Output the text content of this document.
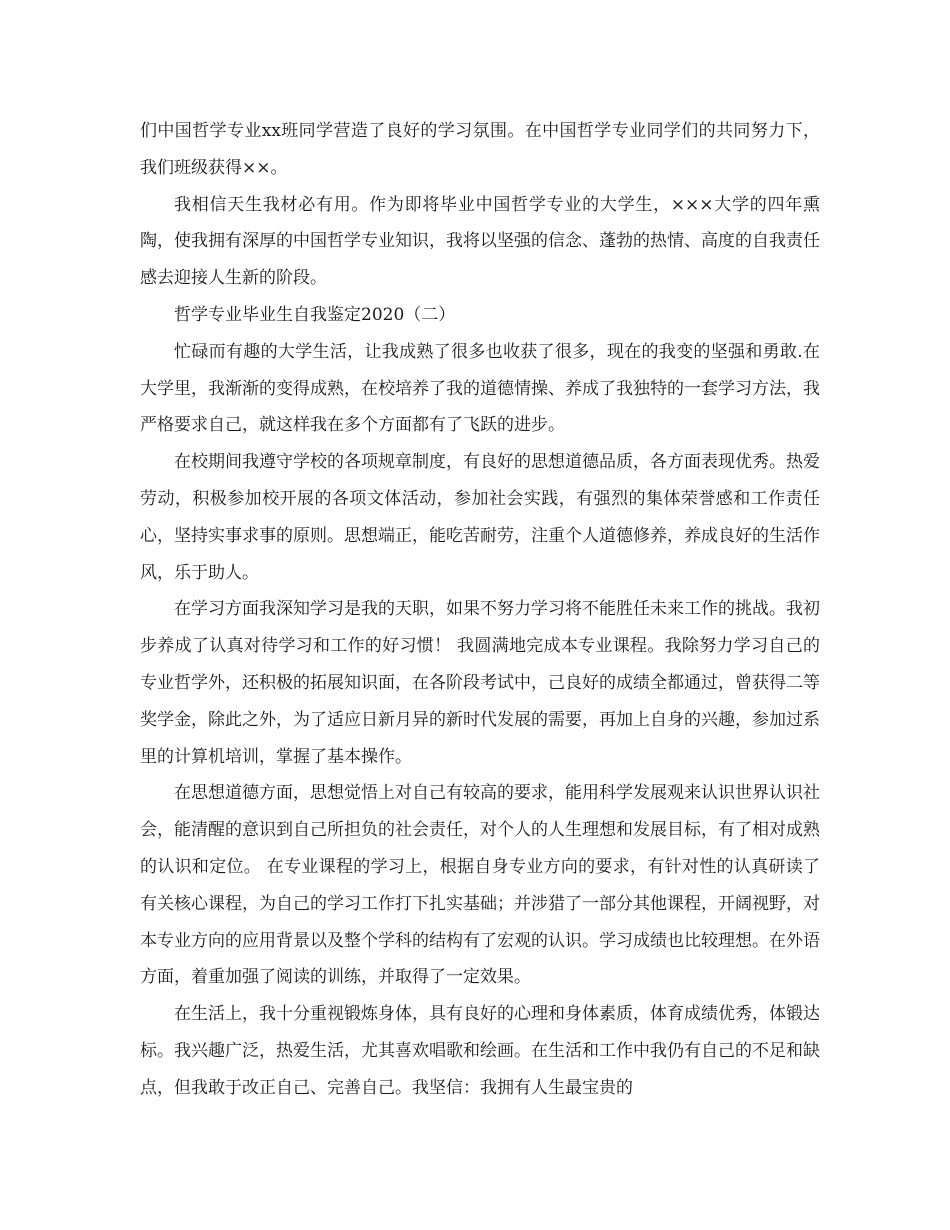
们中国哲学专业xx班同学营造了良好的学习氛围。在中国哲学专业同学们的共同努力下，我们班级获得××。

我相信天生我材必有用。作为即将毕业中国哲学专业的大学生，×××大学的四年熏陶，使我拥有深厚的中国哲学专业知识，我将以坚强的信念、蓬勃的热情、高度的自我责任感去迎接人生新的阶段。

哲学专业毕业生自我鉴定2020（二）

忙碌而有趣的大学生活，让我成熟了很多也收获了很多，现在的我变的坚强和勇敢.在大学里，我渐渐的变得成熟，在校培养了我的道德情操、养成了我独特的一套学习方法，我严格要求自己，就这样我在多个方面都有了飞跃的进步。

在校期间我遵守学校的各项规章制度，有良好的思想道德品质，各方面表现优秀。热爱劳动，积极参加校开展的各项文体活动，参加社会实践，有强烈的集体荣誉感和工作责任心，坚持实事求事的原则。思想端正，能吃苦耐劳，注重个人道德修养，养成良好的生活作风，乐于助人。

在学习方面我深知学习是我的天职，如果不努力学习将不能胜任未来工作的挑战。我初步养成了认真对待学习和工作的好习惯！ 我圆满地完成本专业课程。我除努力学习自己的专业哲学外，还积极的拓展知识面，在各阶段考试中，己良好的成绩全都通过，曾获得二等奖学金，除此之外，为了适应日新月异的新时代发展的需要，再加上自身的兴趣，参加过系里的计算机培训，掌握了基本操作。

在思想道德方面，思想觉悟上对自己有较高的要求，能用科学发展观来认识世界认识社会，能清醒的意识到自己所担负的社会责任，对个人的人生理想和发展目标，有了相对成熟的认识和定位。 在专业课程的学习上，根据自身专业方向的要求，有针对性的认真研读了有关核心课程，为自己的学习工作打下扎实基础；并涉猎了一部分其他课程，开阔视野，对本专业方向的应用背景以及整个学科的结构有了宏观的认识。学习成绩也比较理想。在外语方面，着重加强了阅读的训练，并取得了一定效果。

在生活上，我十分重视锻炼身体，具有良好的心理和身体素质，体育成绩优秀，体锻达标。我兴趣广泛，热爱生活，尤其喜欢唱歌和绘画。在生活和工作中我仍有自己的不足和缺点，但我敢于改正自己、完善自己。我坚信：我拥有人生最宝贵的
